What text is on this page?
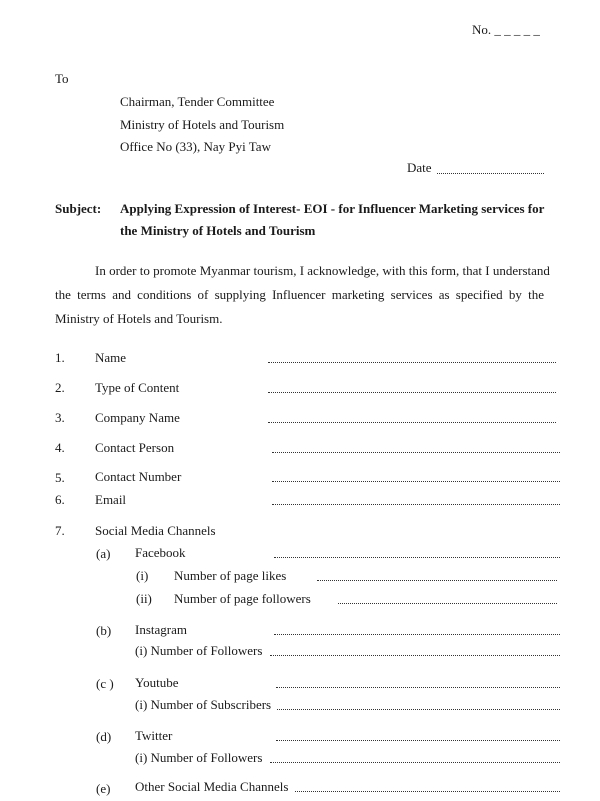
No. _ _ _ _ _
To
Chairman, Tender Committee
Ministry of Hotels and Tourism
Office No (33), Nay Pyi Taw
Date
Subject: Applying Expression of Interest- EOI - for Influencer Marketing services for
the Ministry of Hotels and Tourism
In order to promote Myanmar tourism, I acknowledge, with this form, that I understand
the terms and conditions of supplying Influencer marketing services as specified by the
Ministry of Hotels and Tourism.
1. Name
2. Type of Content
3. Company Name
4. Contact Person
5. Contact Number
6. Email
7. Social Media Channels
(a) Facebook
(i) Number of page likes
(ii) Number of page followers
(b) Instagram
(i) Number of Followers
(c ) Youtube
(i) Number of Subscribers
(d) Twitter
(i) Number of Followers
(e) Other Social Media Channels
